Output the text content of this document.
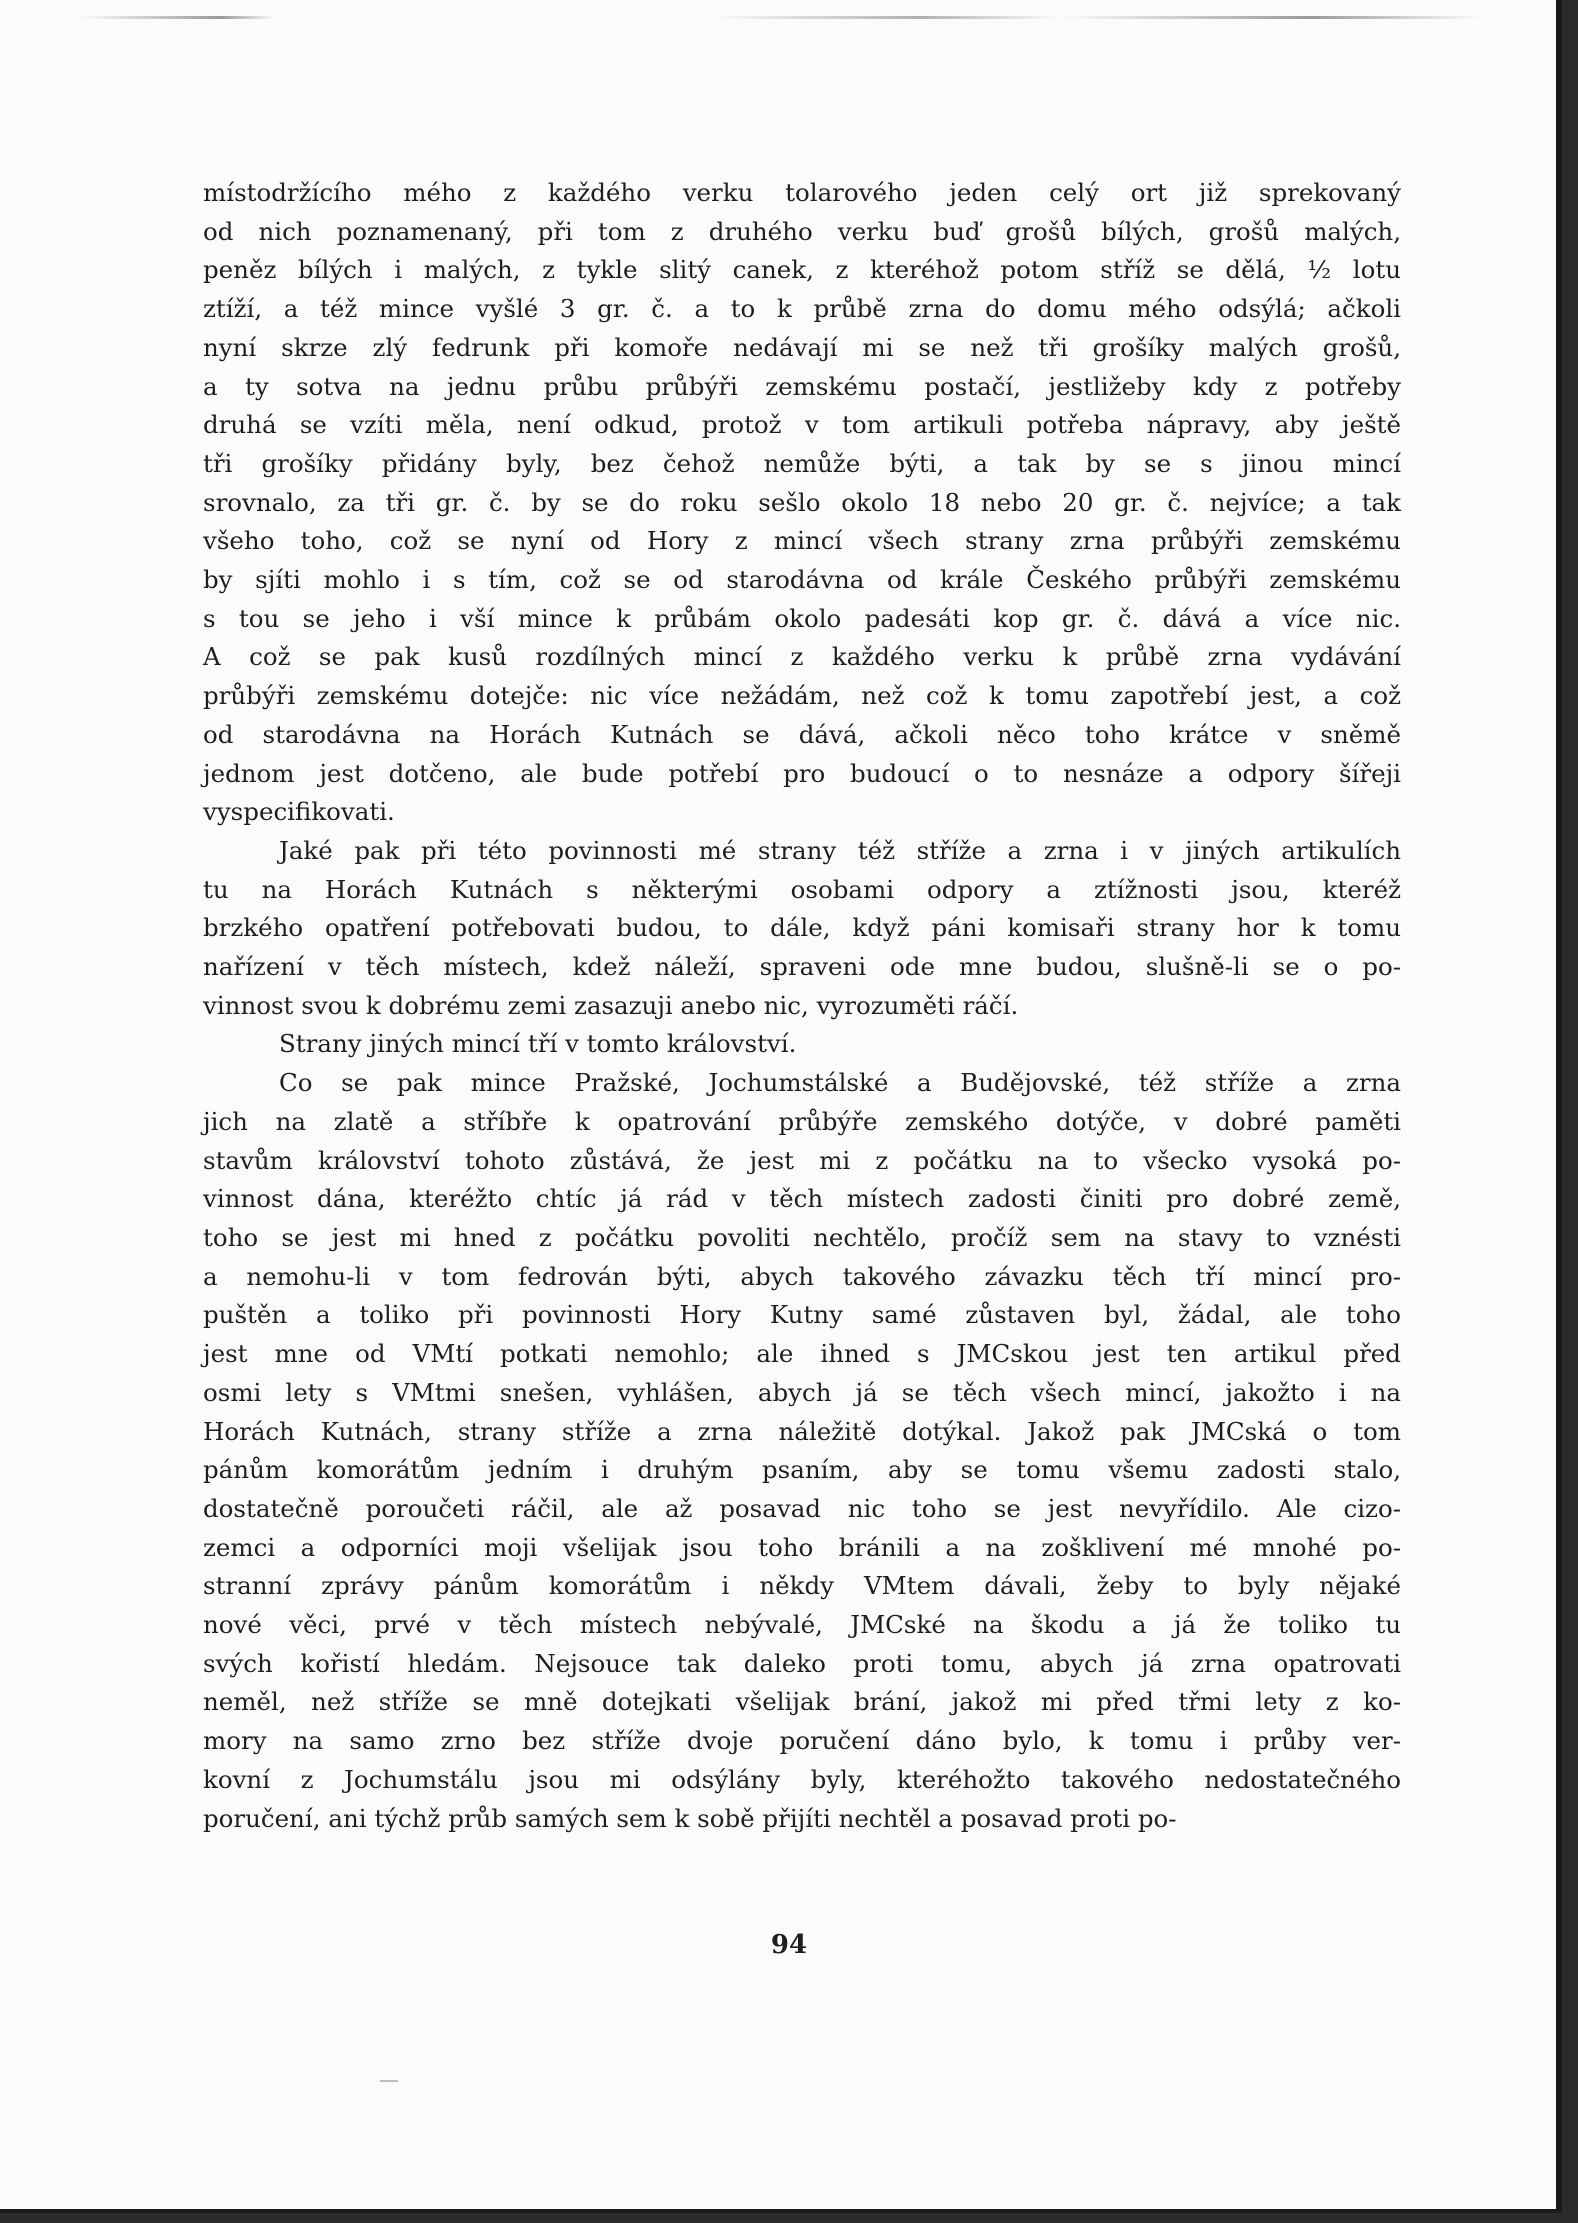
místodržícího mého z každého verku tolarového jeden celý ort již sprekovaný

od nich poznamenaný, při tom z druhého verku buď grošů bílých, grošů malých,

peněz bílých i malých, z tykle slitý canek, z kteréhož potom stříž se dělá, ½ lotu

ztíží, a též mince vyšlé 3 gr. č. a to k průbě zrna do domu mého odsýlá; ačkoli

nyní skrze zlý fedrunk při komoře nedávají mi se než tři grošíky malých grošů,

a ty sotva na jednu průbu průbýři zemskému postačí, jestližeby kdy z potřeby

druhá se vzíti měla, není odkud, protož v tom artikuli potřeba nápravy, aby ještě

tři grošíky přidány byly, bez čehož nemůže býti, a tak by se s jinou mincí

srovnalo, za tři gr. č. by se do roku sešlo okolo 18 nebo 20 gr. č. nejvíce; a tak

všeho toho, což se nyní od Hory z mincí všech strany zrna průbýři zemskému

by sjíti mohlo i s tím, což se od starodávna od krále Českého průbýři zemskému

s tou se jeho i vší mince k průbám okolo padesáti kop gr. č. dává a více nic.

A což se pak kusů rozdílných mincí z každého verku k průbě zrna vydávání

průbýři zemskému dotejče: nic více nežádám, než což k tomu zapotřebí jest, a což

od starodávna na Horách Kutnách se dává, ačkoli něco toho krátce v sněmě

jednom jest dotčeno, ale bude potřebí pro budoucí o to nesnáze a odpory šířeji

vyspecifikovati.

Jaké pak při této povinnosti mé strany též stříže a zrna i v jiných artikulích

tu na Horách Kutnách s některými osobami odpory a ztížnosti jsou, kteréž

brzkého opatření potřebovati budou, to dále, když páni komisaři strany hor k tomu

nařízení v těch místech, kdež náleží, spraveni ode mne budou, slušně-li se o po-

vinnost svou k dobrému zemi zasazuji anebo nic, vyrozuměti ráčí.

Strany jiných mincí tří v tomto království.

Co se pak mince Pražské, Jochumstálské a Budějovské, též stříže a zrna

jich na zlatě a stříbře k opatrování průbýře zemského dotýče, v dobré paměti

stavům království tohoto zůstává, že jest mi z počátku na to všecko vysoká po-

vinnost dána, kteréžto chtíc já rád v těch místech zadosti činiti pro dobré země,

toho se jest mi hned z počátku povoliti nechtělo, pročíž sem na stavy to vznésti

a nemohu-li v tom fedrován býti, abych takového závazku těch tří mincí pro-

puštěn a toliko při povinnosti Hory Kutny samé zůstaven byl, žádal, ale toho

jest mne od VMtí potkati nemohlo; ale ihned s JMCskou jest ten artikul před

osmi lety s VMtmi snešen, vyhlášen, abych já se těch všech mincí, jakožto i na

Horách Kutnách, strany stříže a zrna náležitě dotýkal. Jakož pak JMCská o tom

pánům komorátům jedním i druhým psaním, aby se tomu všemu zadosti stalo,

dostatečně poroučeti ráčil, ale až posavad nic toho se jest nevyřídilo. Ale cizo-

zemci a odporníci moji všelijak jsou toho bránili a na zošklivení mé mnohé po-

stranní zprávy pánům komorátům i někdy VMtem dávali, žeby to byly nějaké

nové věci, prvé v těch místech nebývalé, JMCské na škodu a já že toliko tu

svých kořistí hledám. Nejsouce tak daleko proti tomu, abych já zrna opatrovati

neměl, než stříže se mně dotejkati všelijak brání, jakož mi před třmi lety z ko-

mory na samo zrno bez stříže dvoje poručení dáno bylo, k tomu i průby ver-

kovní z Jochumstálu jsou mi odsýlány byly, kteréhožto takového nedostatečného

poručení, ani týchž průb samých sem k sobě přijíti nechtěl a posavad proti po-

94
